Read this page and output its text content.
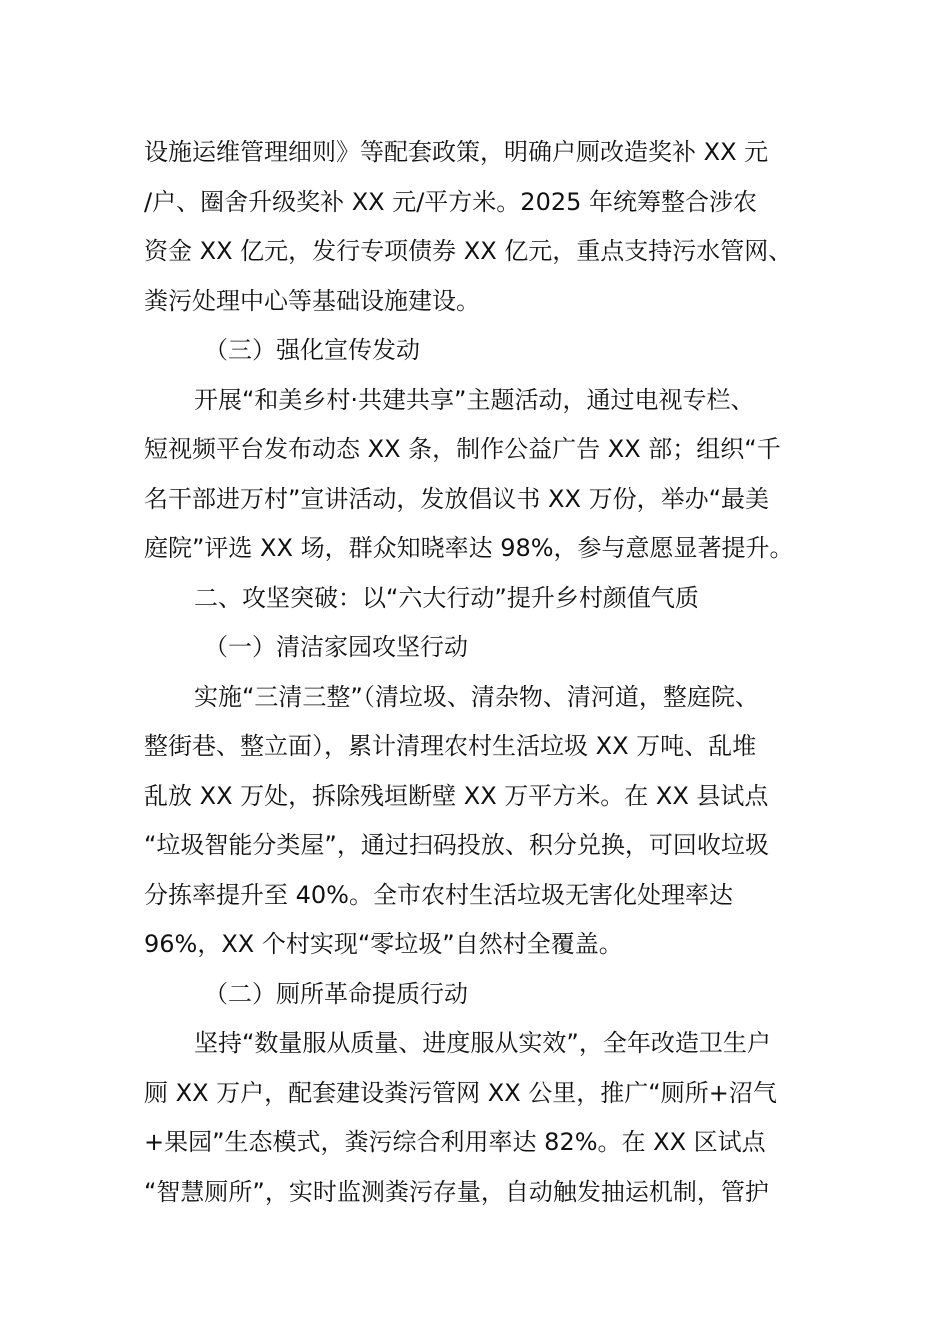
设施运维管理细则》等配套政策，明确户厕改造奖补 XX 元
/户、圈舍升级奖补 XX 元/平方米。2025 年统筹整合涉农
资金 XX 亿元，发行专项债券 XX 亿元，重点支持污水管网、
粪污处理中心等基础设施建设。
（三）强化宣传发动
开展“和美乡村·共建共享”主题活动，通过电视专栏、
短视频平台发布动态 XX 条，制作公益广告 XX 部；组织“千
名干部进万村”宣讲活动，发放倡议书 XX 万份，举办“最美
庭院”评选 XX 场，群众知晓率达 98%，参与意愿显著提升。
二、攻坚突破：以“六大行动”提升乡村颜值气质
（一）清洁家园攻坚行动
实施“三清三整”（清垃圾、清杂物、清河道，整庭院、
整街巷、整立面），累计清理农村生活垃圾 XX 万吨、乱堆
乱放 XX 万处，拆除残垣断壁 XX 万平方米。在 XX 县试点
“垃圾智能分类屋”，通过扫码投放、积分兑换，可回收垃圾
分拣率提升至 40%。全市农村生活垃圾无害化处理率达
96%，XX 个村实现“零垃圾”自然村全覆盖。
（二）厕所革命提质行动
坚持“数量服从质量、进度服从实效”，全年改造卫生户
厕 XX 万户，配套建设粪污管网 XX 公里，推广“厕所+沼气
+果园”生态模式，粪污综合利用率达 82%。在 XX 区试点
“智慧厕所”，实时监测粪污存量，自动触发抽运机制，管护
